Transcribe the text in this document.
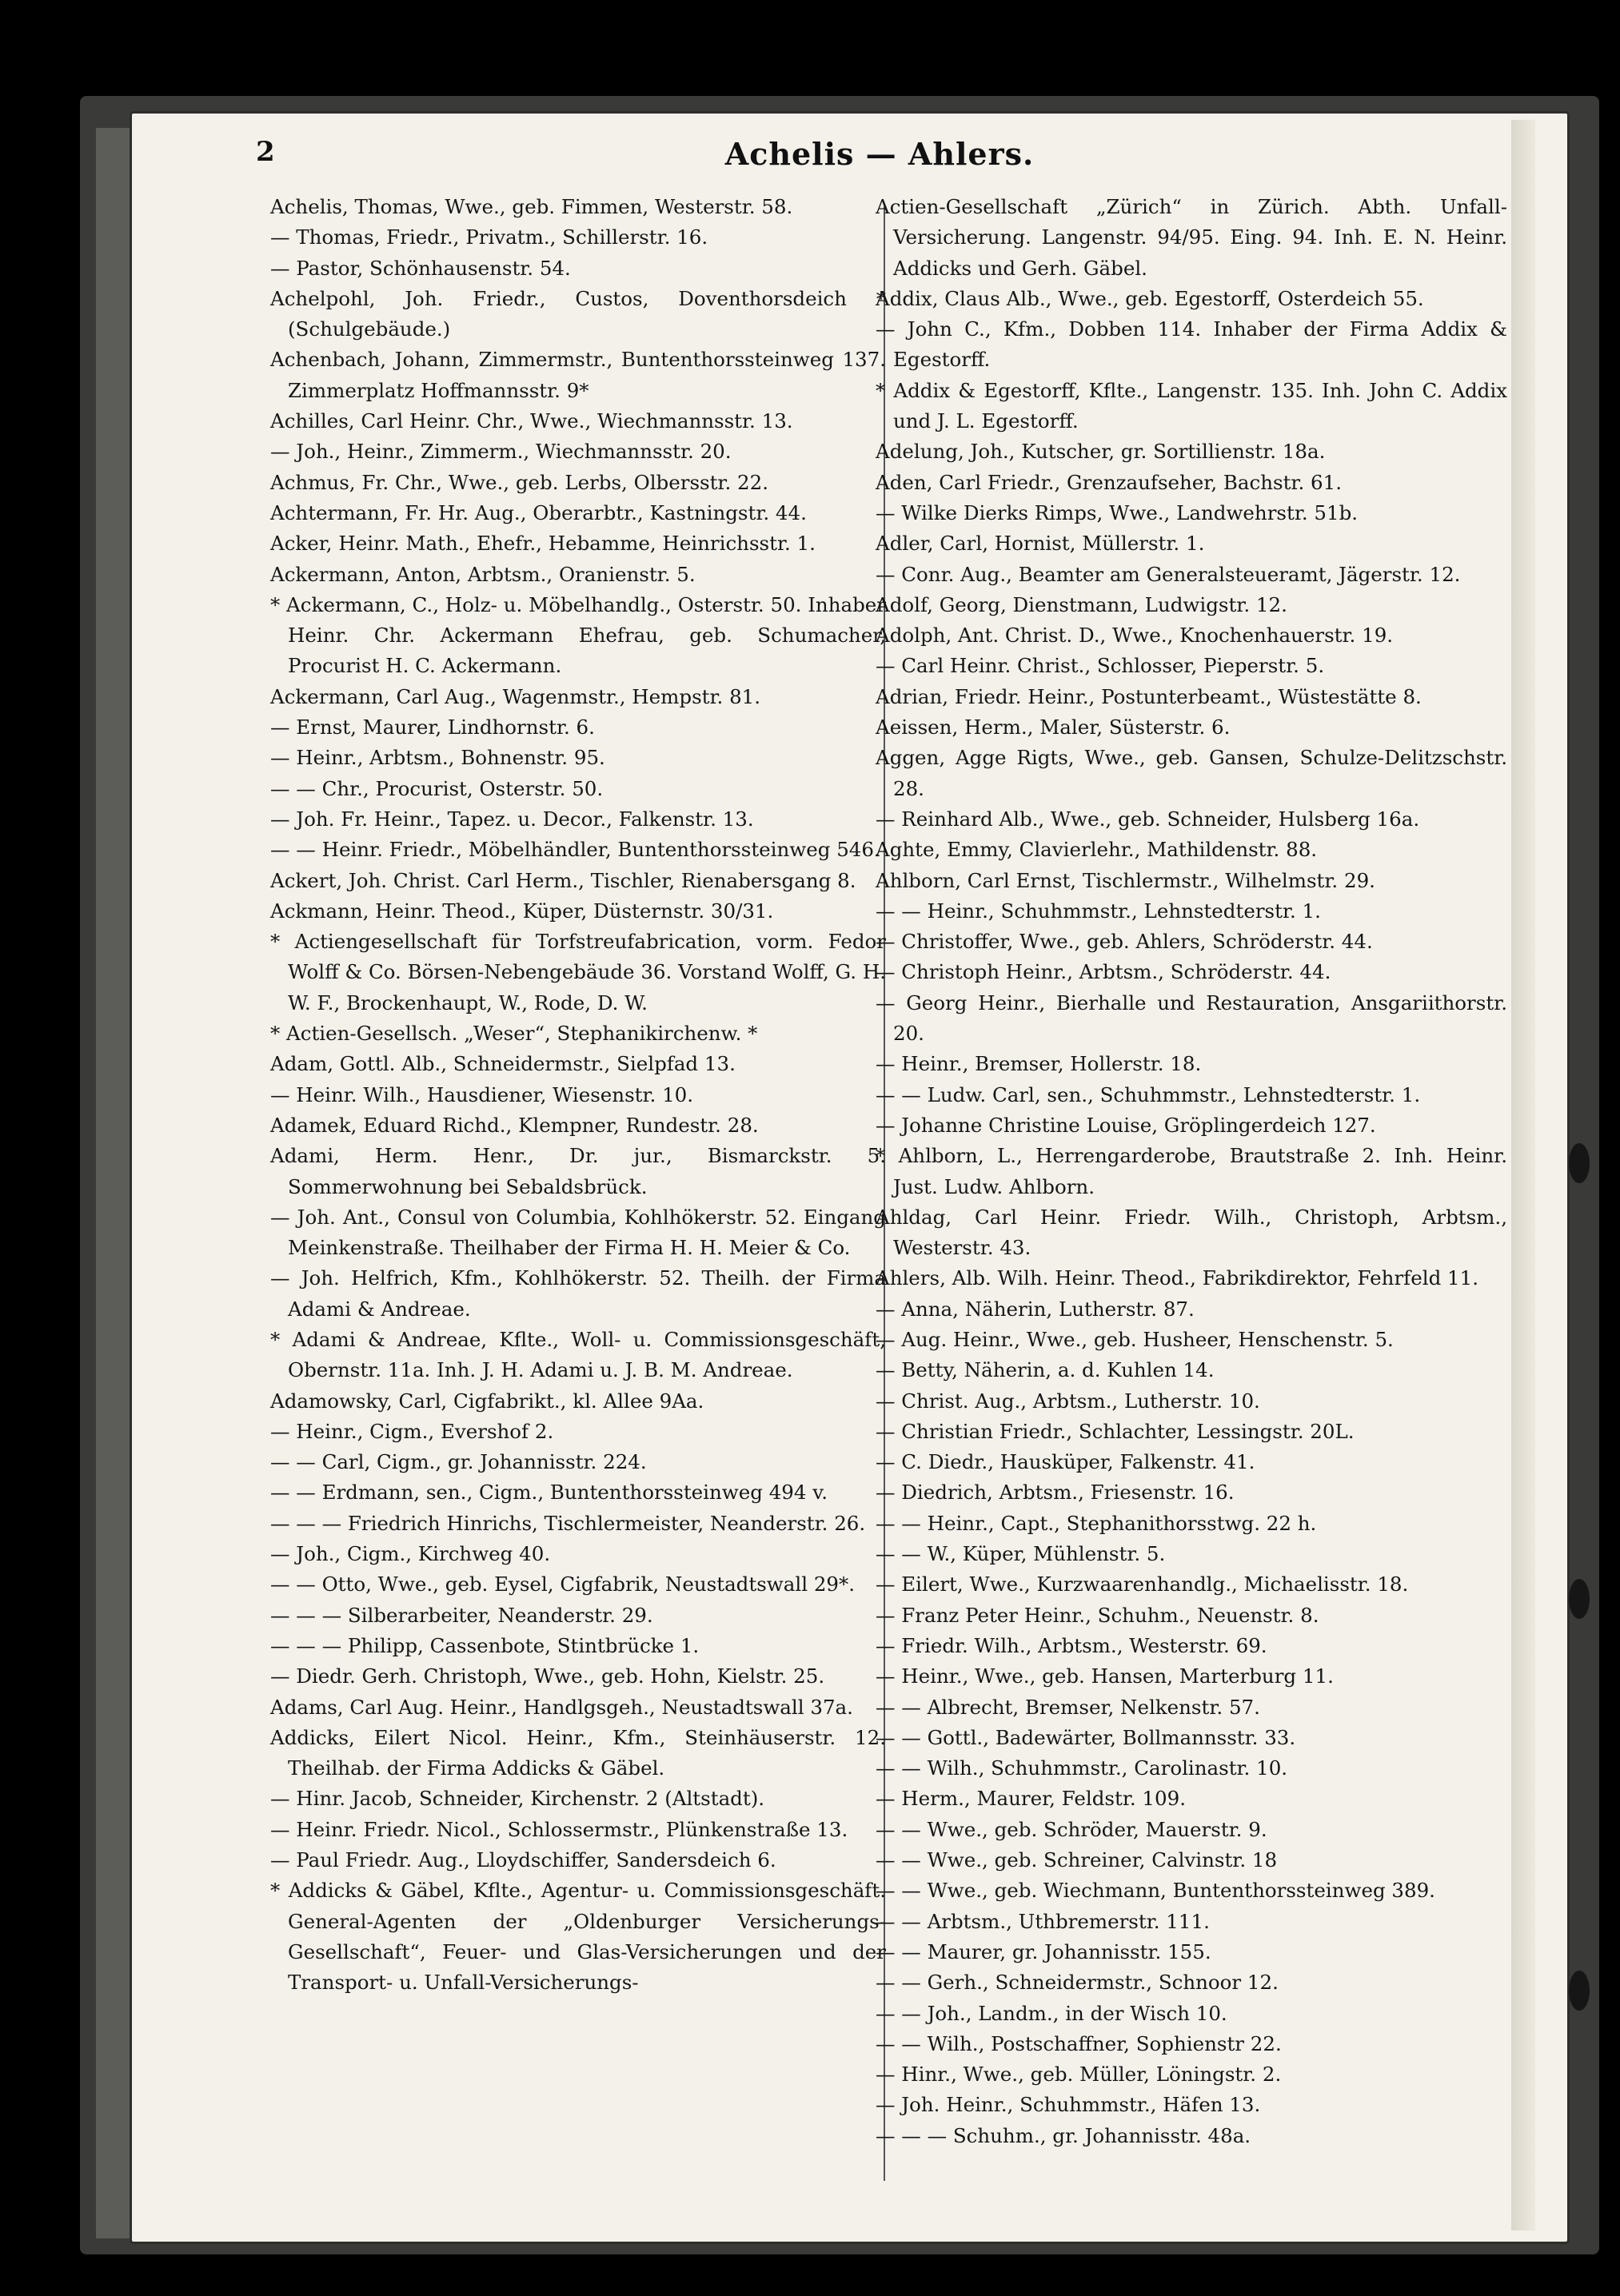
2	Achelis — Ahlers.
Achelis, Thomas, Wwe., geb. Fimmen, Westerstr. 58.
— Thomas, Friedr., Privatm., Schillerstr. 16.
— Pastor, Schönhausenstr. 54.
Achelpohl, Joh. Friedr., Custos, Doventhorsdeich * (Schulgebäude.)
Achenbach, Johann, Zimmermstr., Buntenthorssteinweg 137. Zimmerplatz Hoffmannsstr. 9*
Achilles, Carl Heinr. Chr., Wwe., Wiechmannsstr. 13.
— Joh., Heinr., Zimmerm., Wiechmannsstr. 20.
Achmus, Fr. Chr., Wwe., geb. Lerbs, Olbersstr. 22.
Achtermann, Fr. Hr. Aug., Oberarbtr., Kastningstr. 44.
Acker, Heinr. Math., Ehefr., Hebamme, Heinrichsstr. 1.
Ackermann, Anton, Arbtsm., Oranienstr. 5.
* Ackermann, C., Holz- u. Möbelhandlg., Osterstr. 50. Inhaber Heinr. Chr. Ackermann Ehefrau, geb. Schumacher, Procurist H. C. Ackermann.
Ackermann, Carl Aug., Wagenmstr., Hempstr. 81.
— Ernst, Maurer, Lindhornstr. 6.
— Heinr., Arbtsm., Bohnenstr. 95.
— — Chr., Procurist, Osterstr. 50.
— Joh. Fr. Heinr., Tapez. u. Decor., Falkenstr. 13.
— — Heinr. Friedr., Möbelhändler, Buntenthorssteinweg 546.
Ackert, Joh. Christ. Carl Herm., Tischler, Rienabersgang 8.
Ackmann, Heinr. Theod., Küper, Düsternstr. 30/31.
* Actiengesellschaft für Torfstreufabrication, vorm. Fedor Wolff & Co. Börsen-Nebengebäude 36. Vorstand Wolff, G. H. W. F., Brockenhaupt, W., Rode, D. W.
* Actien-Gesellsch. „Weser“, Stephanikirchenw. *
Adam, Gottl. Alb., Schneidermstr., Sielpfad 13.
— Heinr. Wilh., Hausdiener, Wiesenstr. 10.
Adamek, Eduard Richd., Klempner, Rundestr. 28.
Adami, Herm. Henr., Dr. jur., Bismarckstr. 5. Sommerwohnung bei Sebaldsbrück.
— Joh. Ant., Consul von Columbia, Kohlhökerstr. 52. Eingang Meinkenstraße. Theilhaber der Firma H. H. Meier & Co.
— Joh. Helfrich, Kfm., Kohlhökerstr. 52. Theilh. der Firma Adami & Andreae.
* Adami & Andreae, Kfltе., Woll- u. Commissionsgeschäft, Obernstr. 11a. Inh. J. H. Adami u. J. B. M. Andreae.
Adamowsky, Carl, Cigfabrikt., kl. Allee 9Aa.
— Heinr., Cigm., Evershof 2.
— — Carl, Cigm., gr. Johannisstr. 224.
— — Erdmann, sen., Cigm., Buntenthorssteinweg 494 v.
— — — Friedrich Hinrichs, Tischlermeister, Neanderstr. 26.
— Joh., Cigm., Kirchweg 40.
— — Otto, Wwe., geb. Eysel, Cigfabrik, Neustadtswall 29*.
— — — Silberarbeiter, Neanderstr. 29.
— — — Philipp, Cassenbote, Stintbrücke 1.
— Diedr. Gerh. Christoph, Wwe., geb. Hohn, Kielstr. 25.
Adams, Carl Aug. Heinr., Handlgsgeh., Neustadtswall 37a.
Addicks, Eilert Nicol. Heinr., Kfm., Steinhäuserstr. 12. Theilhab. der Firma Addicks & Gäbel.
— Hinr. Jacob, Schneider, Kirchenstr. 2 (Altstadt).
— Heinr. Friedr. Nicol., Schlossermstr., Plünkenstraße 13.
— Paul Friedr. Aug., Lloydschiffer, Sandersdeich 6.
* Addicks & Gäbel, Kfltе., Agentur- u. Commissionsgeschäft. General-Agenten der „Oldenburger Versicherungs-Gesellschaft“, Feuer- und Glas-Versicherungen und der Transport- u. Unfall-Versicherungs-
Actien-Gesellschaft „Zürich“ in Zürich. Abth. Unfall-Versicherung. Langenstr. 94/95. Eing. 94. Inh. E. N. Heinr. Addicks und Gerh. Gäbel.
Addix, Claus Alb., Wwe., geb. Egestorff, Osterdeich 55.
— John C., Kfm., Dobben 114. Inhaber der Firma Addix & Egestorff.
* Addix & Egestorff, Kfltе., Langenstr. 135. Inh. John C. Addix und J. L. Egestorff.
Adelung, Joh., Kutscher, gr. Sortillienstr. 18a.
Aden, Carl Friedr., Grenzaufseher, Bachstr. 61.
— Wilke Dierks Rimps, Wwe., Landwehrstr. 51b.
Adler, Carl, Hornist, Müllerstr. 1.
— Conr. Aug., Beamter am Generalsteueramt, Jägerstr. 12.
Adolf, Georg, Dienstmann, Ludwigstr. 12.
Adolph, Ant. Christ. D., Wwe., Knochenhauerstr. 19.
— Carl Heinr. Christ., Schlosser, Pieperstr. 5.
Adrian, Friedr. Heinr., Postunterbeamt., Wüstestätte 8.
Aeissen, Herm., Maler, Süsterstr. 6.
Aggen, Agge Rigts, Wwe., geb. Gansen, Schulze-Delitzschstr. 28.
— Reinhard Alb., Wwe., geb. Schneider, Hulsberg 16a.
Aghte, Emmy, Clavierlehr., Mathildenstr. 88.
Ahlborn, Carl Ernst, Tischlermstr., Wilhelmstr. 29.
— — Heinr., Schuhmmstr., Lehnstedterstr. 1.
— Christoffer, Wwe., geb. Ahlers, Schröderstr. 44.
— Christoph Heinr., Arbtsm., Schröderstr. 44.
— Georg Heinr., Bierhalle und Restauration, Ansgariithorstr. 20.
— Heinr., Bremser, Hollerstr. 18.
— — Ludw. Carl, sen., Schuhmmstr., Lehnstedterstr. 1.
— Johanne Christine Louise, Gröplingerdeich 127.
* Ahlborn, L., Herrengarderobe, Brautstraße 2. Inh. Heinr. Just. Ludw. Ahlborn.
Ahldag, Carl Heinr. Friedr. Wilh., Christoph, Arbtsm., Westerstr. 43.
Ahlers, Alb. Wilh. Heinr. Theod., Fabrikdirektor, Fehrfeld 11.
— Anna, Näherin, Lutherstr. 87.
— Aug. Heinr., Wwe., geb. Husheer, Henschenstr. 5.
— Betty, Näherin, a. d. Kuhlen 14.
— Christ. Aug., Arbtsm., Lutherstr. 10.
— Christian Friedr., Schlachter, Lessingstr. 20L.
— C. Diedr., Hausküper, Falkenstr. 41.
— Diedrich, Arbtsm., Friesenstr. 16.
— — Heinr., Capt., Stephanithorsstwg. 22 h.
— — W., Küper, Mühlenstr. 5.
— Eilert, Wwe., Kurzwaarenhandlg., Michaelisstr. 18.
— Franz Peter Heinr., Schuhm., Neuenstr. 8.
— Friedr. Wilh., Arbtsm., Westerstr. 69.
— Heinr., Wwe., geb. Hansen, Marterburg 11.
— — Albrecht, Bremser, Nelkenstr. 57.
— — Gottl., Badewärter, Bollmannsstr. 33.
— — Wilh., Schuhmmstr., Carolinastr. 10.
— Herm., Maurer, Feldstr. 109.
— — Wwe., geb. Schröder, Mauerstr. 9.
— — Wwe., geb. Schreiner, Calvinstr. 18
— — Wwe., geb. Wiechmann, Buntenthorssteinweg 389.
— — Arbtsm., Uthbremerstr. 111.
— — Maurer, gr. Johannisstr. 155.
— — Gerh., Schneidermstr., Schnoor 12.
— — Joh., Landm., in der Wisch 10.
— — Wilh., Postschaffner, Sophienstr 22.
— Hinr., Wwe., geb. Müller, Löningstr. 2.
— Joh. Heinr., Schuhmmstr., Häfen 13.
— — — Schuhm., gr. Johannisstr. 48a.
